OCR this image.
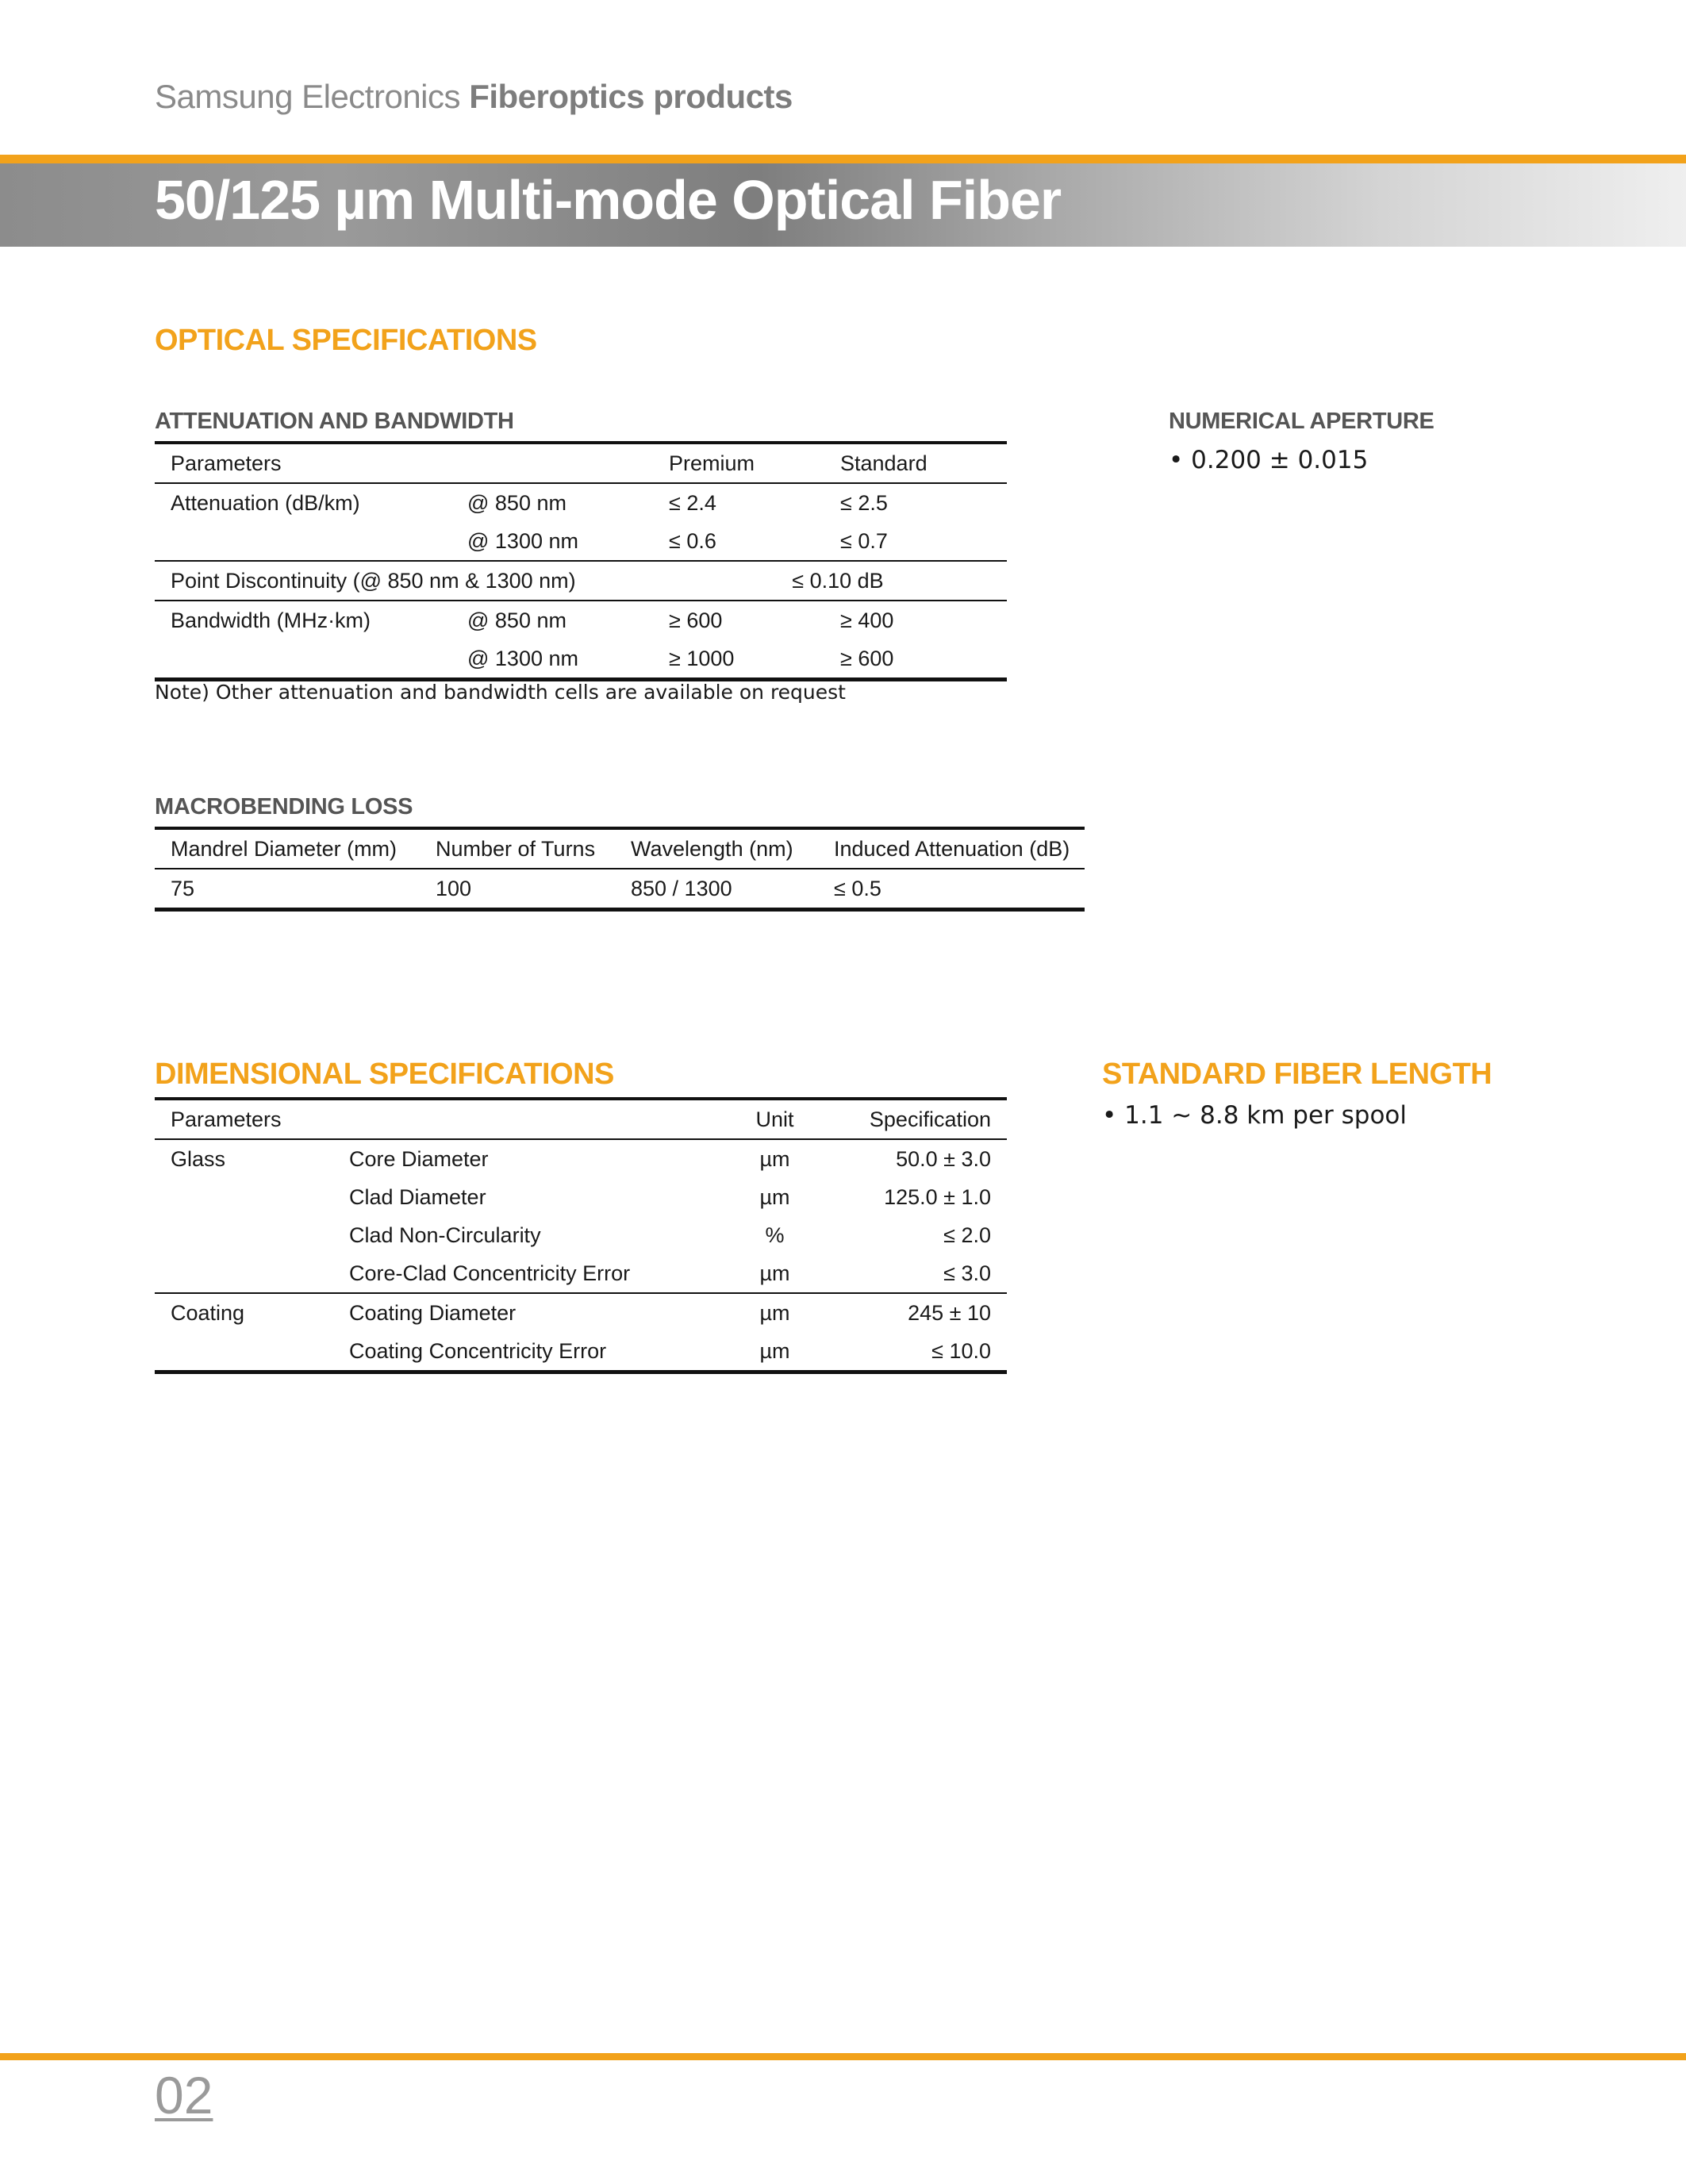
Samsung Electronics Fiberoptics products
50/125 µm Multi-mode Optical Fiber
OPTICAL SPECIFICATIONS
ATTENUATION AND BANDWIDTH
Parameters		Premium	Standard
Attenuation (dB/km)	@ 850 nm	≤ 2.4	≤ 2.5
	@ 1300 nm	≤ 0.6	≤ 0.7
Point Discontinuity (@ 850 nm & 1300 nm)		≤ 0.10 dB	
Bandwidth (MHz·km)	@ 850 nm	≥ 600	≥ 400
	@ 1300 nm	≥ 1000	≥ 600
Note) Other attenuation and bandwidth cells are available on request
NUMERICAL APERTURE
• 0.200 ± 0.015
MACROBENDING LOSS
Mandrel Diameter (mm)	Number of Turns	Wavelength (nm)	Induced Attenuation (dB)
75	100	850 / 1300	≤ 0.5
DIMENSIONAL SPECIFICATIONS
Parameters		Unit	Specification
Glass	Core Diameter	µm	50.0 ± 3.0
	Clad Diameter	µm	125.0 ± 1.0
	Clad Non-Circularity	%	≤ 2.0
	Core-Clad Concentricity Error	µm	≤ 3.0
Coating	Coating Diameter	µm	245 ± 10
	Coating Concentricity Error	µm	≤ 10.0
STANDARD FIBER LENGTH
• 1.1 ~ 8.8 km per spool
02
